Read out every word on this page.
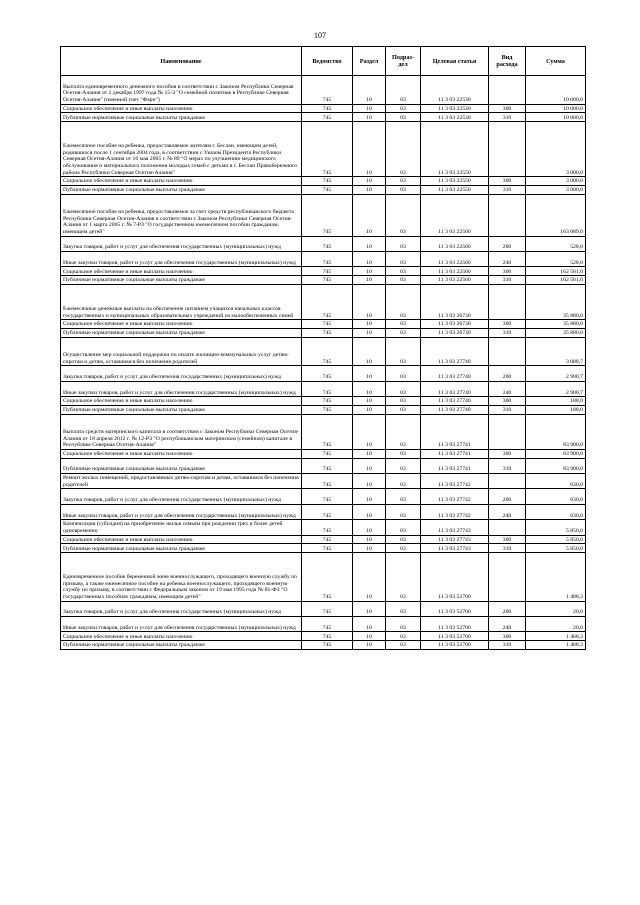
107
Наименование	Ведомство	Раздел	Подраз-дел	Целевая статья	Вид расхода	Сумма
Выплата единовременного денежного пособия в соответствии с Законом Республики Северная Осетия-Алания от 2 декабря 1997 года № 15-З "О семейной политике в Республике Северная Осетия-Алания" (именной счет "Фарн")	745	10	03	11 3 03 22530		10 000,0
Социальное обеспечение и иные выплаты населению	745	10	03	11 3 03 22530	300	10 000,0
Публичные нормативные социальные выплаты гражданам	745	10	03	11 3 03 22530	310	10 000,0
Ежемесячное пособие на ребенка, предоставляемое жителям г. Беслан, имеющим детей, родившихся после 1 сентября 2004 года, в соответствии с Указом Президента Республики Северная Осетия-Алания от 16 мая 2005 г. № 89 "О мерах по улучшению медицинского обслуживания и материального положения молодых семей с детьми в г. Беслан Правобережного района Республики Северная Осетия-Алания"	745	10	03	11 3 03 22550		3 000,0
Социальное обеспечение и иные выплаты населению	745	10	03	11 3 03 22550	300	3 000,0
Публичные нормативные социальные выплаты гражданам	745	10	03	11 3 03 22550	310	3 000,0
Ежемесячное пособие на ребенка, предоставляемое за счет средств республиканского бюджета Республики Северная Осетия-Алания в соответствии с Законом Республики Северная Осетия-Алания от 1 марта 2005 г. № 7-РЗ "О государственном ежемесячном пособии гражданам, имеющим детей"	745	10	03	11 3 03 22560		163 089,0
Закупка товаров, работ и услуг для обеспечения государственных (муниципальных) нужд	745	10	03	11 3 03 22560	200	528,0
Иные закупки товаров, работ и услуг для обеспечения государственных (муниципальных) нужд	745	10	03	11 3 03 22560	240	528,0
Социальное обеспечение и иные выплаты населению	745	10	03	11 3 03 22560	300	162 561,0
Публичные нормативные социальные выплаты гражданам	745	10	03	11 3 03 22560	310	162 561,0
Ежемесячные денежные выплаты на обеспечение питанием учащихся начальных классов государственных и муниципальных образовательных учреждений из малообеспеченных семей	745	10	03	11 3 03 26730		35 880,0
Социальное обеспечение и иные выплаты населению	745	10	03	11 3 03 26730	300	35 880,0
Публичные нормативные социальные выплаты гражданам	745	10	03	11 3 03 26730	310	35 880,0
Осуществление мер социальной поддержки по оплате жилищно-коммунальных услуг детям-сиротам и детям, оставшимся без попечения родителей	745	10	03	11 3 03 27740		3 088,7
Закупка товаров, работ и услуг для обеспечения государственных (муниципальных) нужд	745	10	03	11 3 03 27740	200	2 900,7
Иные закупки товаров, работ и услуг для обеспечения государственных (муниципальных) нужд	745	10	03	11 3 03 27740	240	2 900,7
Социальное обеспечение и иные выплаты населению	745	10	03	11 3 03 27740	300	188,0
Публичные нормативные социальные выплаты гражданам	745	10	03	11 3 03 27740	310	188,0
Выплата средств материнского капитала в соответствии с Законом Республики Северная Осетия-Алания от 18 апреля 2012 г. № 12-РЗ "О республиканском материнском (семейном) капитале в Республике Северная Осетия-Алания"	745	10	03	11 3 03 27741		83 900,0
Социальное обеспечение и иные выплаты населению	745	10	03	11 3 03 27741	300	83 900,0
Публичные нормативные социальные выплаты гражданам	745	10	03	11 3 03 27741	310	83 900,0
Ремонт жилых помещений, предоставляемых детям-сиротам и детям, оставшимся без попечения родителей	745	10	03	11 3 03 27742		630,0
Закупка товаров, работ и услуг для обеспечения государственных (муниципальных) нужд	745	10	03	11 3 03 27742	200	630,0
Иные закупки товаров, работ и услуг для обеспечения государственных (муниципальных) нужд	745	10	03	11 3 03 27742	240	630,0
Компенсация (субсидия) на приобретение жилья семьям при рождении трех и более детей одновременно	745	10	03	11 3 03 27743		5 850,0
Социальное обеспечение и иные выплаты населению	745	10	03	11 3 03 27743	300	5 850,0
Публичные нормативные социальные выплаты гражданам	745	10	03	11 3 03 27743	310	5 850,0
Единовременное пособие беременной жене военнослужащего, проходящего военную службу по призыву, а также ежемесячное пособие на ребенка военнослужащего, проходящего военную службу по призыву, в соответствии с Федеральным законом от 19 мая 1995 года № 81-ФЗ "О государственных пособиях гражданам, имеющим детей"	745	10	03	11 3 03 52700		1 488,3
Закупка товаров, работ и услуг для обеспечения государственных (муниципальных) нужд	745	10	03	11 3 03 52700	200	20,0
Иные закупки товаров, работ и услуг для обеспечения государственных (муниципальных) нужд	745	10	03	11 3 03 52700	240	20,0
Социальное обеспечение и иные выплаты населению	745	10	03	11 3 03 52700	300	1 468,3
Публичные нормативные социальные выплаты гражданам	745	10	03	11 3 03 52700	310	1 468,3
